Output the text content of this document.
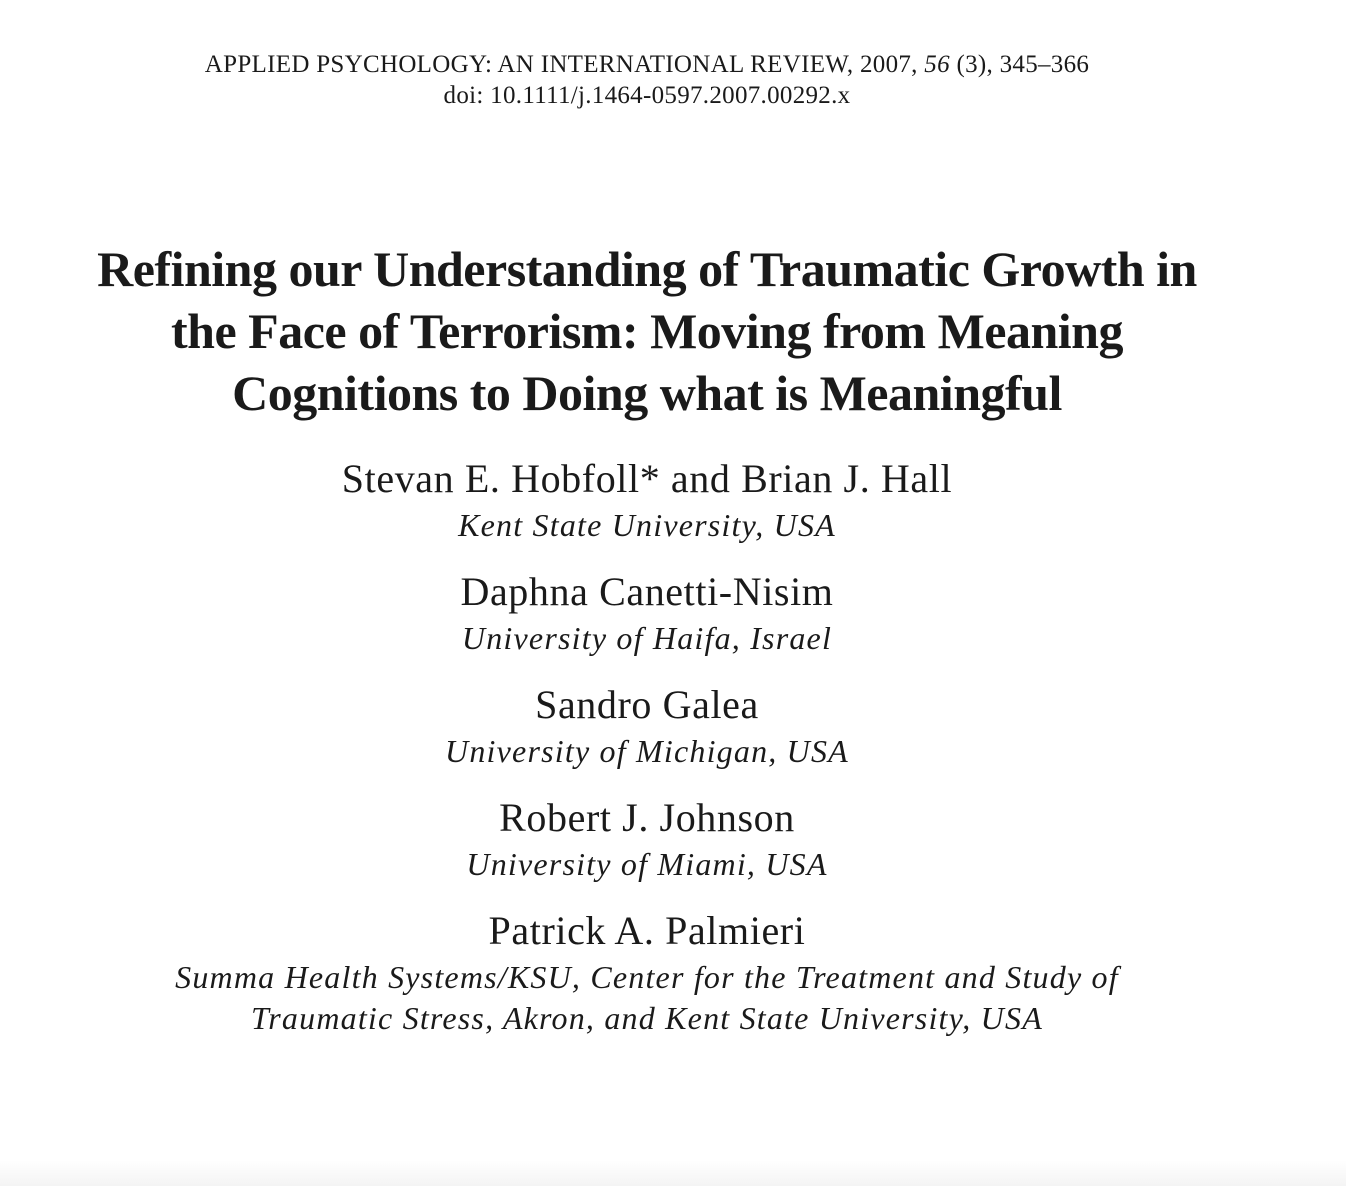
APPLIED PSYCHOLOGY: AN INTERNATIONAL REVIEW, 2007, 56 (3), 345–366
doi: 10.1111/j.1464-0597.2007.00292.x
Refining our Understanding of Traumatic Growth in
the Face of Terrorism: Moving from Meaning
Cognitions to Doing what is Meaningful
Stevan E. Hobfoll* and Brian J. Hall
Kent State University, USA
Daphna Canetti-Nisim
University of Haifa, Israel
Sandro Galea
University of Michigan, USA
Robert J. Johnson
University of Miami, USA
Patrick A. Palmieri
Summa Health Systems/KSU, Center for the Treatment and Study of
Traumatic Stress, Akron, and Kent State University, USA
